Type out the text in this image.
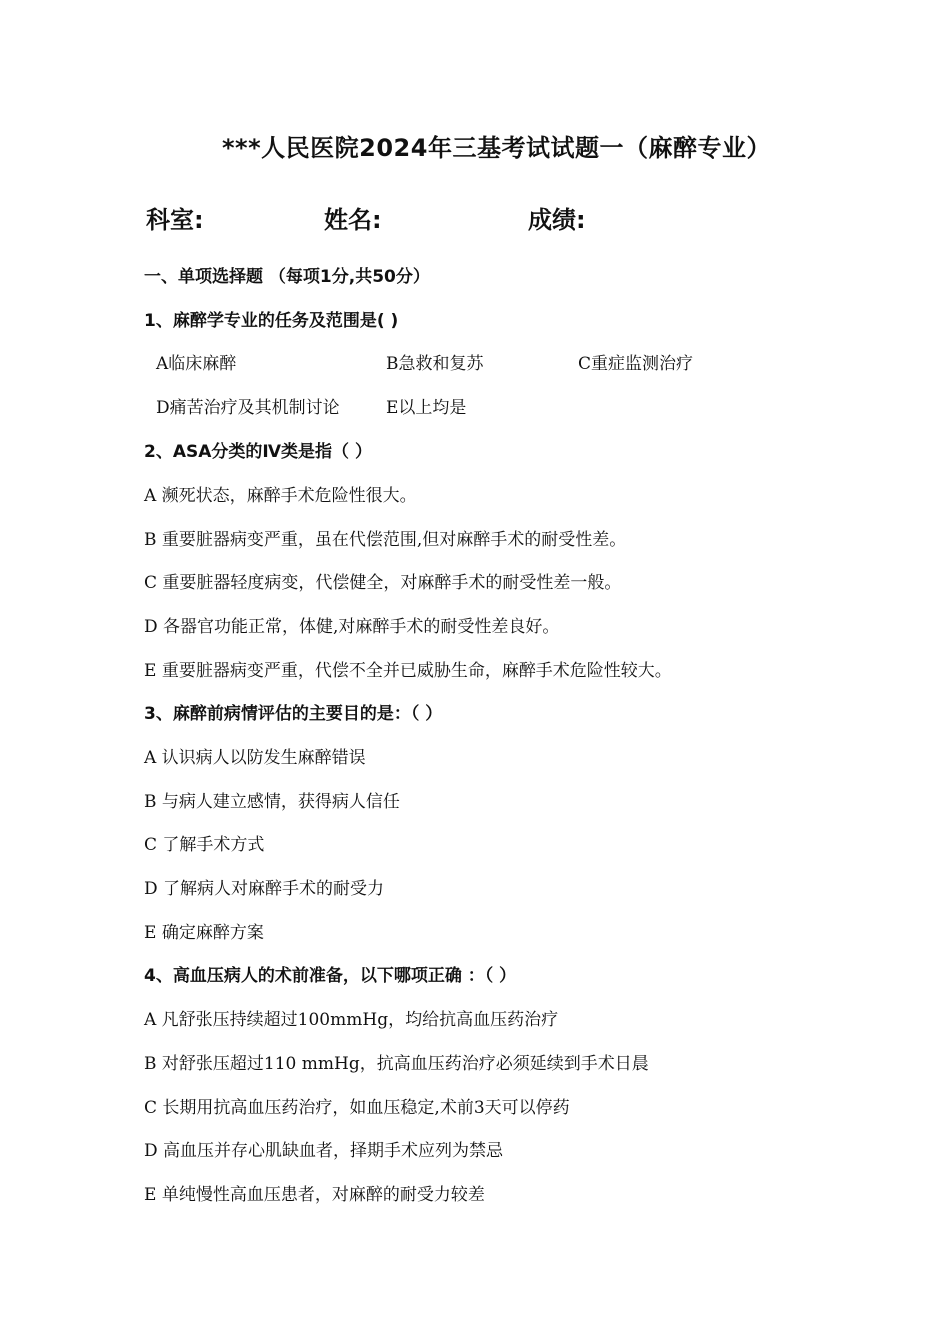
***人民医院2024年三基考试试题一（麻醉专业）
科室:	姓名:	成绩:
一、单项选择题 （每项1分,共50分）
1、麻醉学专业的任务及范围是( )
A临床麻醉	B急救和复苏	C重症监测治疗
D痛苦治疗及其机制讨论	E以上均是
2、ASA分类的Ⅳ类是指（ ）
A 濒死状态，麻醉手术危险性很大。
B 重要脏器病变严重，虽在代偿范围,但对麻醉手术的耐受性差。
C 重要脏器轻度病变，代偿健全，对麻醉手术的耐受性差一般。
D 各器官功能正常，体健,对麻醉手术的耐受性差良好。
E 重要脏器病变严重，代偿不全并已威胁生命，麻醉手术危险性较大。
3、麻醉前病情评估的主要目的是：（ ）
A 认识病人以防发生麻醉错误
B 与病人建立感情，获得病人信任
C 了解手术方式
D 了解病人对麻醉手术的耐受力
E 确定麻醉方案
4、高血压病人的术前准备，以下哪项正确 ：（ ）
A 凡舒张压持续超过100mmHg，均给抗高血压药治疗
B 对舒张压超过110 mmHg，抗高血压药治疗必须延续到手术日晨
C 长期用抗高血压药治疗，如血压稳定,术前3天可以停药
D 高血压并存心肌缺血者，择期手术应列为禁忌
E 单纯慢性高血压患者，对麻醉的耐受力较差
